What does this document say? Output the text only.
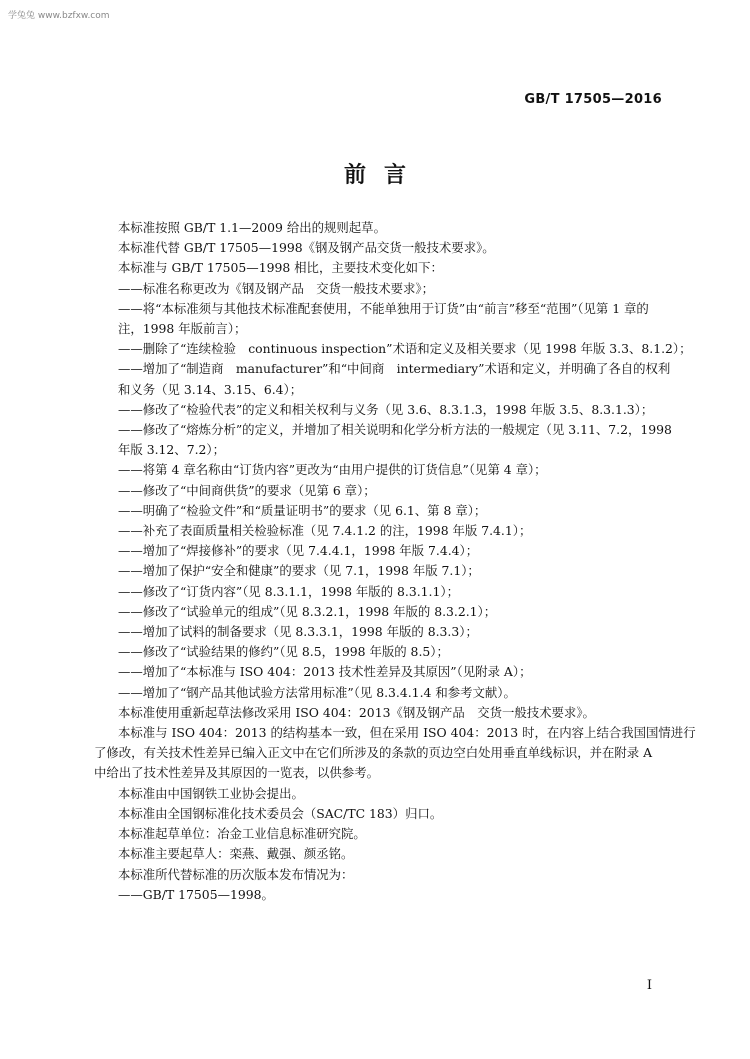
学兔兔 www.bzfxw.com
GB/T 17505—2016
前言
本标准按照 GB/T 1.1—2009 给出的规则起草。
本标准代替 GB/T 17505—1998《钢及钢产品交货一般技术要求》。
本标准与 GB/T 17505—1998 相比，主要技术变化如下：
——标准名称更改为《钢及钢产品　交货一般技术要求》；
——将“本标准须与其他技术标准配套使用，不能单独用于订货”由“前言”移至“范围”（见第 1 章的
注，1998 年版前言）；
——删除了“连续检验　continuous inspection”术语和定义及相关要求（见 1998 年版 3.3、8.1.2）；
——增加了“制造商　manufacturer”和“中间商　intermediary”术语和定义，并明确了各自的权利
和义务（见 3.14、3.15、6.4）；
——修改了“检验代表”的定义和相关权利与义务（见 3.6、8.3.1.3，1998 年版 3.5、8.3.1.3）；
——修改了“熔炼分析”的定义，并增加了相关说明和化学分析方法的一般规定（见 3.11、7.2，1998
年版 3.12、7.2）；
——将第 4 章名称由“订货内容”更改为“由用户提供的订货信息”（见第 4 章）；
——修改了“中间商供货”的要求（见第 6 章）；
——明确了“检验文件”和“质量证明书”的要求（见 6.1、第 8 章）；
——补充了表面质量相关检验标准（见 7.4.1.2 的注，1998 年版 7.4.1）；
——增加了“焊接修补”的要求（见 7.4.4.1，1998 年版 7.4.4）；
——增加了保护“安全和健康”的要求（见 7.1，1998 年版 7.1）；
——修改了“订货内容”（见 8.3.1.1，1998 年版的 8.3.1.1）；
——修改了“试验单元的组成”（见 8.3.2.1，1998 年版的 8.3.2.1）；
——增加了试料的制备要求（见 8.3.3.1，1998 年版的 8.3.3）；
——修改了“试验结果的修约”（见 8.5，1998 年版的 8.5）；
——增加了“本标准与 ISO 404：2013 技术性差异及其原因”（见附录 A）；
——增加了“钢产品其他试验方法常用标准”（见 8.3.4.1.4 和参考文献）。
本标准使用重新起草法修改采用 ISO 404：2013《钢及钢产品　交货一般技术要求》。
本标准与 ISO 404：2013 的结构基本一致，但在采用 ISO 404：2013 时，在内容上结合我国国情进行
了修改，有关技术性差异已编入正文中在它们所涉及的条款的页边空白处用垂直单线标识，并在附录 A
中给出了技术性差异及其原因的一览表，以供参考。
本标准由中国钢铁工业协会提出。
本标准由全国钢标准化技术委员会（SAC/TC 183）归口。
本标准起草单位：冶金工业信息标准研究院。
本标准主要起草人：栾燕、戴强、颜丞铭。
本标准所代替标准的历次版本发布情况为：
——GB/T 17505—1998。
I
